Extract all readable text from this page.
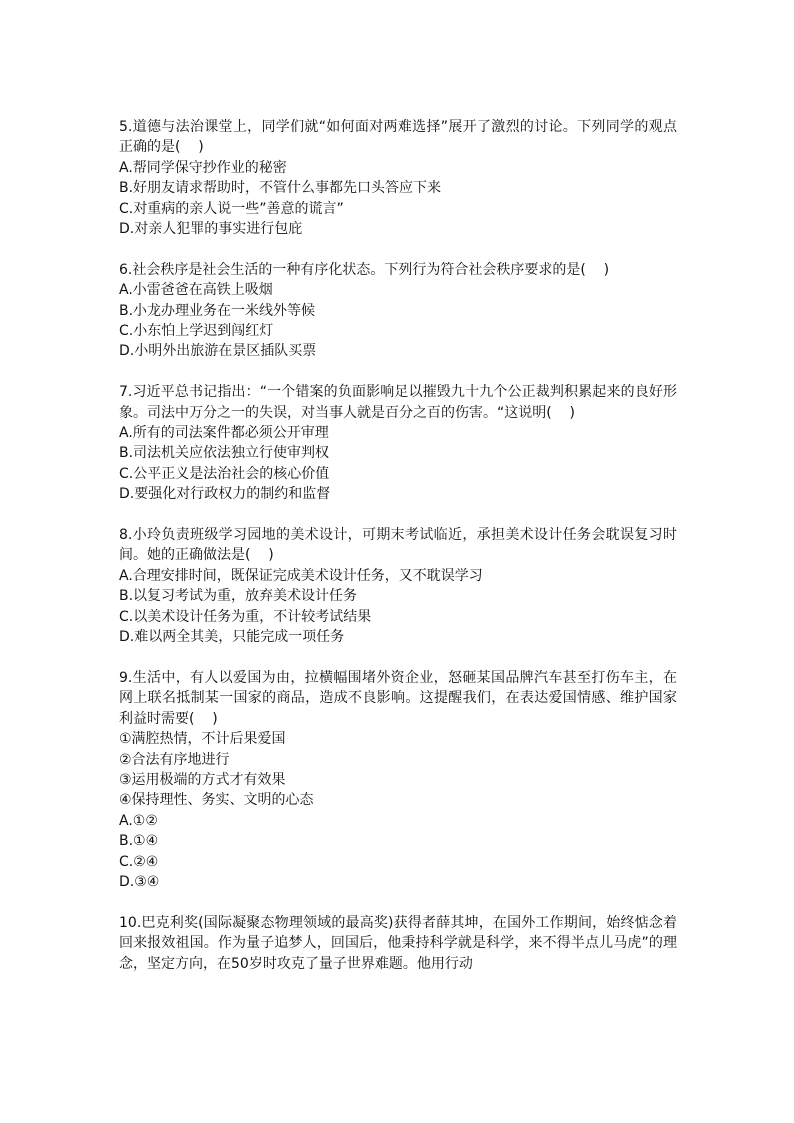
5.道德与法治课堂上，同学们就“如何面对两难选择”展开了激烈的讨论。下列同学的观点正确的是(    )
A.帮同学保守抄作业的秘密
B.好朋友请求帮助时，不管什么事都先口头答应下来
C.对重病的亲人说一些”善意的谎言”
D.对亲人犯罪的事实进行包庇
6.社会秩序是社会生活的一种有序化状态。下列行为符合社会秩序要求的是(    )
A.小雷爸爸在高铁上吸烟
B.小龙办理业务在一米线外等候
C.小东怕上学迟到闯红灯
D.小明外出旅游在景区插队买票
7.习近平总书记指出：“一个错案的负面影响足以摧毁九十九个公正裁判积累起来的良好形象。司法中万分之一的失误，对当事人就是百分之百的伤害。“这说明(    )
A.所有的司法案件都必须公开审理
B.司法机关应依法独立行使审判权
C.公平正义是法治社会的核心价值
D.要强化对行政权力的制约和监督
8.小玲负责班级学习园地的美术设计，可期末考试临近，承担美术设计任务会耽误复习时间。她的正确做法是(    )
A.合理安排时间，既保证完成美术设计任务，又不耽误学习
B.以复习考试为重，放弃美术设计任务
C.以美术设计任务为重，不计较考试结果
D.难以两全其美，只能完成一项任务
9.生活中，有人以爱国为由，拉横幅围堵外资企业，怒砸某国品牌汽车甚至打伤车主，在网上联名抵制某一国家的商品，造成不良影响。这提醒我们，在表达爱国情感、维护国家利益时需要(    )
①满腔热情，不计后果爱国
②合法有序地进行
③运用极端的方式才有效果
④保持理性、务实、文明的心态
A.①②
B.①④
C.②④
D.③④
10.巴克利奖(国际凝聚态物理领域的最高奖)获得者薛其坤，在国外工作期间，始终惦念着回来报效祖国。作为量子追梦人，回国后，他秉持科学就是科学，来不得半点儿马虎”的理念，坚定方向，在50岁时攻克了量子世界难题。他用行动
